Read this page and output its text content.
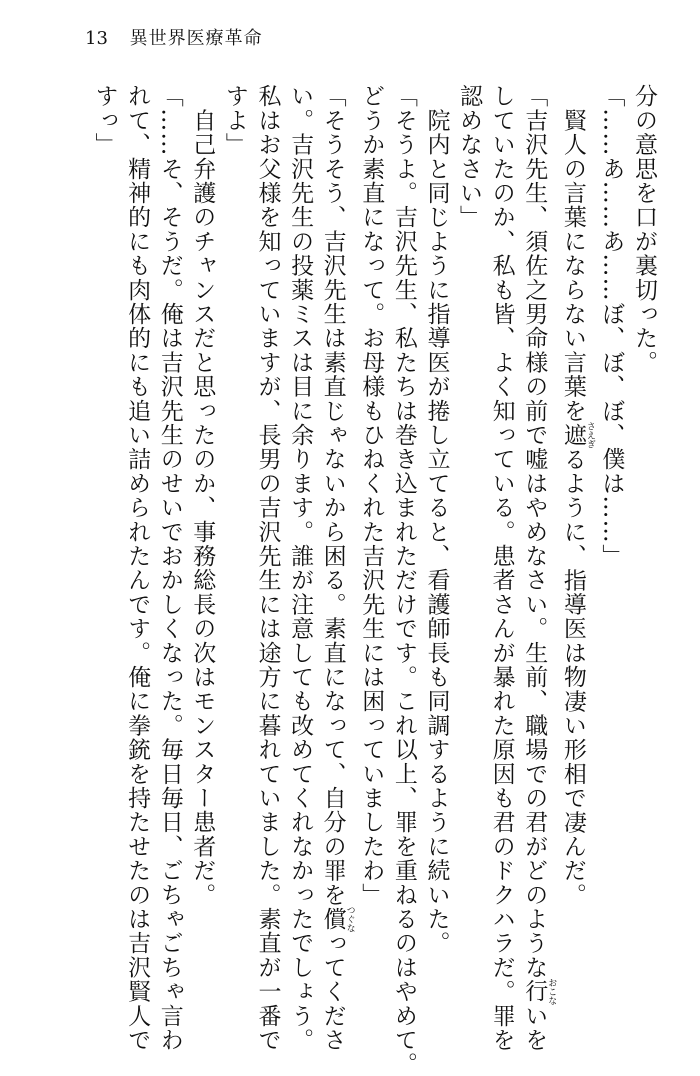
13 異世界医療革命
分の意思を口が裏切った。
「……あ……あ……ぼ、ぼ、ぼ、僕は……」
　賢人の言葉にならない言葉を遮 さえぎるように、指導医は物凄い形相で凄んだ。
「吉沢先生、須佐之男命様の前で嘘はやめなさい。生前、職場での君がどのような行 おこないを
していたのか、私も皆、よく知っている。患者さんが暴れた原因も君のドクハラだ。罪を
認めなさい」
　院内と同じように指導医が捲し立てると、看護師長も同調するように続いた。
「そうよ。吉沢先生、私たちは巻き込まれただけです。これ以上、罪を重ねるのはやめて。
どうか素直になって。お母様もひねくれた吉沢先生には困っていましたわ」
「そうそう、吉沢先生は素直じゃないから困る。素直になって、自分の罪を償 つぐなってくださ
い。吉沢先生の投薬ミスは目に余ります。誰が注意しても改めてくれなかったでしょう。
私はお父様を知っていますが、長男の吉沢先生には途方に暮れていました。素直が一番で
すよ」
　自己弁護のチャンスだと思ったのか、事務総長の次はモンスター患者だ。
「……そ、そうだ。俺は吉沢先生のせいでおかしくなった。毎日毎日、ごちゃごちゃ言わ
れて、精神的にも肉体的にも追い詰められたんです。俺に拳銃を持たせたのは吉沢賢人で
すっ」
